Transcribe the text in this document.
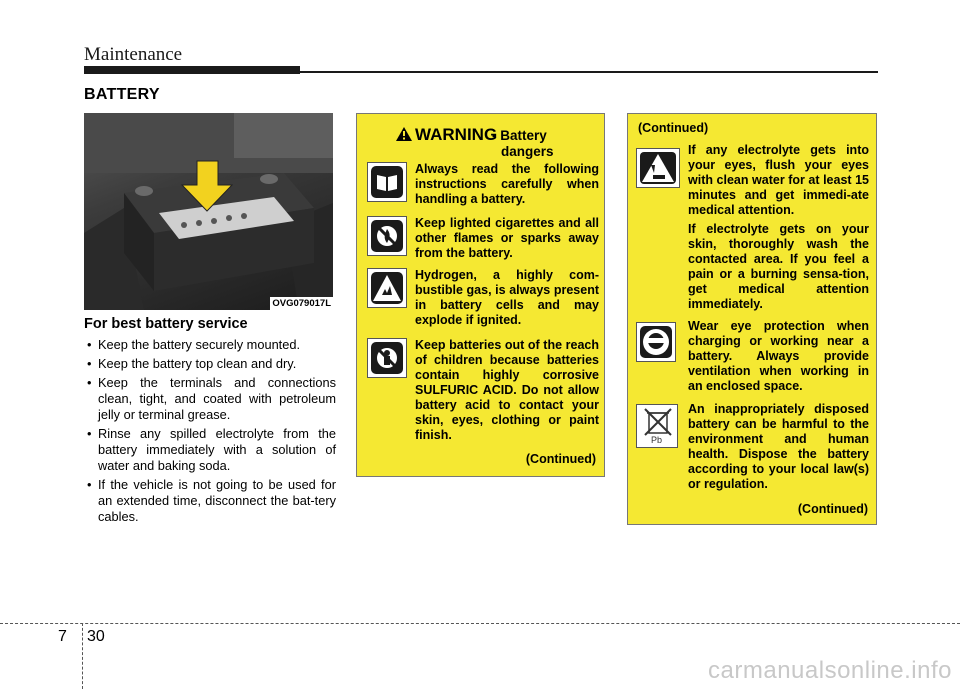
Maintenance
BATTERY
OVG079017L
For best battery service
• Keep the battery securely mounted.
• Keep the battery top clean and dry.
• Keep the terminals and connections clean, tight, and coated with petroleum jelly or terminal grease.
• Rinse any spilled electrolyte from the battery immediately with a solution of water and baking soda.
• If the vehicle is not going to be used for an extended time, disconnect the bat-tery cables.
WARNING
- Battery
dangers
Always read the following instructions carefully when handling a battery.
Keep lighted cigarettes and all other flames or sparks away from the battery.
Hydrogen, a highly com-bustible gas, is always present in battery cells and may explode if ignited.
Keep batteries out of the reach of children because batteries contain highly corrosive SULFURIC ACID. Do not allow battery acid to contact your skin, eyes, clothing or paint finish.
(Continued)
(Continued)
If any electrolyte gets into your eyes, flush your eyes with clean water for at least 15 minutes and get immedi-ate medical attention.
If electrolyte gets on your skin, thoroughly wash the contacted area. If you feel a pain or a burning sensa-tion, get medical attention immediately.
Wear eye protection when charging or working near a battery. Always provide ventilation when working in an enclosed space.
Pb
An inappropriately disposed battery can be harmful to the environment and human health. Dispose the battery according to your local law(s) or regulation.
(Continued)
7 30
carmanualsonline.info
